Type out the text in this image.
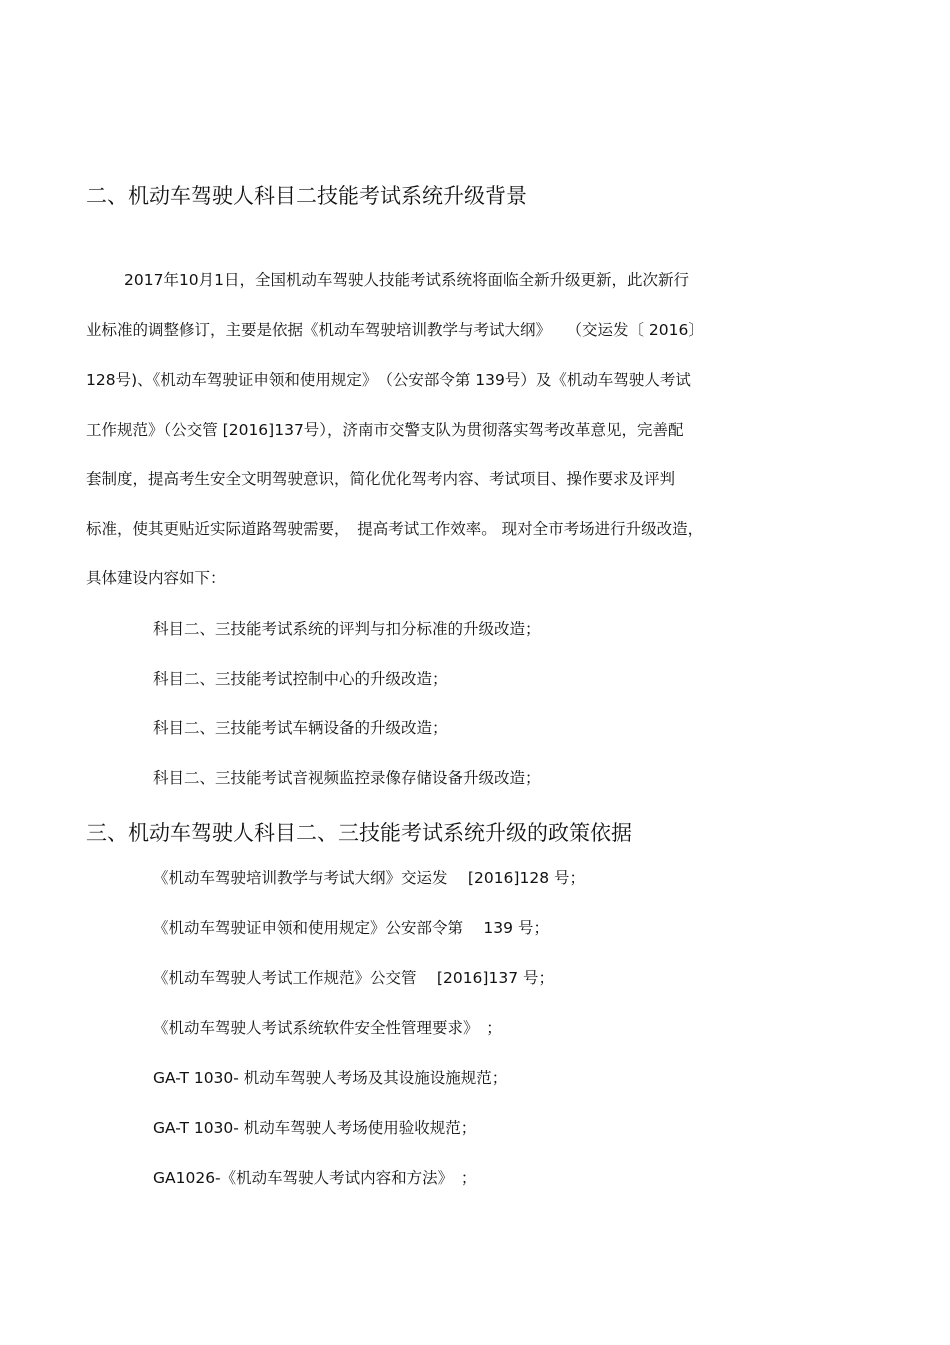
二、机动车驾驶人科目二技能考试系统升级背景

2017年10月1日，全国机动车驾驶人技能考试系统将面临全新升级更新，此次新行

业标准的调整修订，主要是依据《机动车驾驶培训教学与考试大纲》　　（交运发〔 2016〕

128号)、《机动车驾驶证申领和使用规定》　（公安部令第 139号）及《机动车驾驶人考试

工作规范》（公交管 [2016]137号），济南市交警支队为贯彻落实驾考改革意见，完善配

套制度，提高考生安全文明驾驶意识，简化优化驾考内容、考试项目、操作要求及评判

标准，使其更贴近实际道路驾驶需要，　提高考试工作效率。 现对全市考场进行升级改造，

具体建设内容如下：

科目二、三技能考试系统的评判与扣分标准的升级改造；

科目二、三技能考试控制中心的升级改造；

科目二、三技能考试车辆设备的升级改造；

科目二、三技能考试音视频监控录像存储设备升级改造；

三、机动车驾驶人科目二、三技能考试系统升级的政策依据

《机动车驾驶培训教学与考试大纲》交运发　 [2016]128 号；

《机动车驾驶证申领和使用规定》公安部令第　 139 号；

《机动车驾驶人考试工作规范》公交管　 [2016]137 号；

《机动车驾驶人考试系统软件安全性管理要求》　；

GA-T 1030- 机动车驾驶人考场及其设施设施规范；

GA-T 1030- 机动车驾驶人考场使用验收规范；

GA1026-《机动车驾驶人考试内容和方法》　；
